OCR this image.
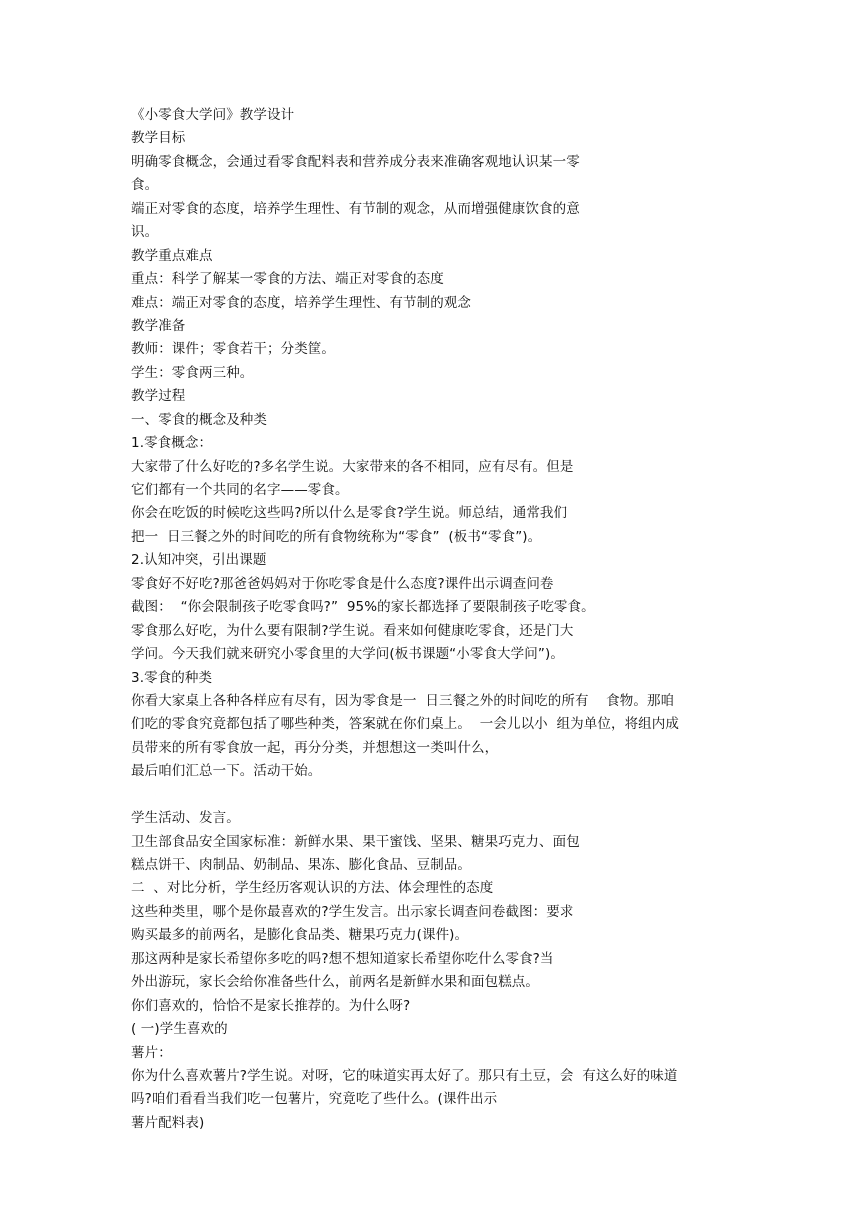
《小零食大学问》教学设计
教学目标
明确零食概念，会通过看零食配料表和营养成分表来准确客观地认识某一零
食。
端正对零食的态度，培养学生理性、有节制的观念，从而增强健康饮食的意
识。
教学重点难点
重点：科学了解某一零食的方法、端正对零食的态度
难点：端正对零食的态度，培养学生理性、有节制的观念
教学准备
教师：课件；零食若干；分类筐。
学生：零食两三种。
教学过程
一、零食的概念及种类
1.零食概念：
大家带了什么好吃的?多名学生说。大家带来的各不相同，应有尽有。但是
它们都有一个共同的名字——零食。
你会在吃饭的时候吃这些吗?所以什么是零食?学生说。师总结，通常我们
把一  日三餐之外的时间吃的所有食物统称为“零食”  (板书“零食”)。
2.认知冲突，引出课题
零食好不好吃?那爸爸妈妈对于你吃零食是什么态度?课件出示调查问卷
截图：  “你会限制孩子吃零食吗?”  95%的家长都选择了要限制孩子吃零食。
零食那么好吃，为什么要有限制?学生说。看来如何健康吃零食，还是门大
学问。今天我们就来研究小零食里的大学问(板书课题“小零食大学问”)。
3.零食的种类
你看大家桌上各种各样应有尽有，因为零食是一  日三餐之外的时间吃的所有    食物。那咱
们吃的零食究竟都包括了哪些种类，答案就在你们桌上。  一会儿以小  组为单位，将组内成
员带来的所有零食放一起，再分分类，并想想这一类叫什么，
最后咱们汇总一下。活动干始。
学生活动、发言。
卫生部食品安全国家标准：新鲜水果、果干蜜饯、坚果、糖果巧克力、面包
糕点饼干、肉制品、奶制品、果冻、膨化食品、豆制品。
二  、对比分析，学生经历客观认识的方法、体会理性的态度
这些种类里，哪个是你最喜欢的?学生发言。出示家长调查问卷截图：要求
购买最多的前两名，是膨化食品类、糖果巧克力(课件)。
那这两种是家长希望你多吃的吗?想不想知道家长希望你吃什么零食?当
外出游玩，家长会给你准备些什么，前两名是新鲜水果和面包糕点。
你们喜欢的，恰恰不是家长推荐的。为什么呀?
( 一)学生喜欢的
薯片：
你为什么喜欢薯片?学生说。对呀，它的味道实再太好了。那只有土豆，会  有这么好的味道
吗?咱们看看当我们吃一包薯片，究竟吃了些什么。(课件出示
薯片配料表)
